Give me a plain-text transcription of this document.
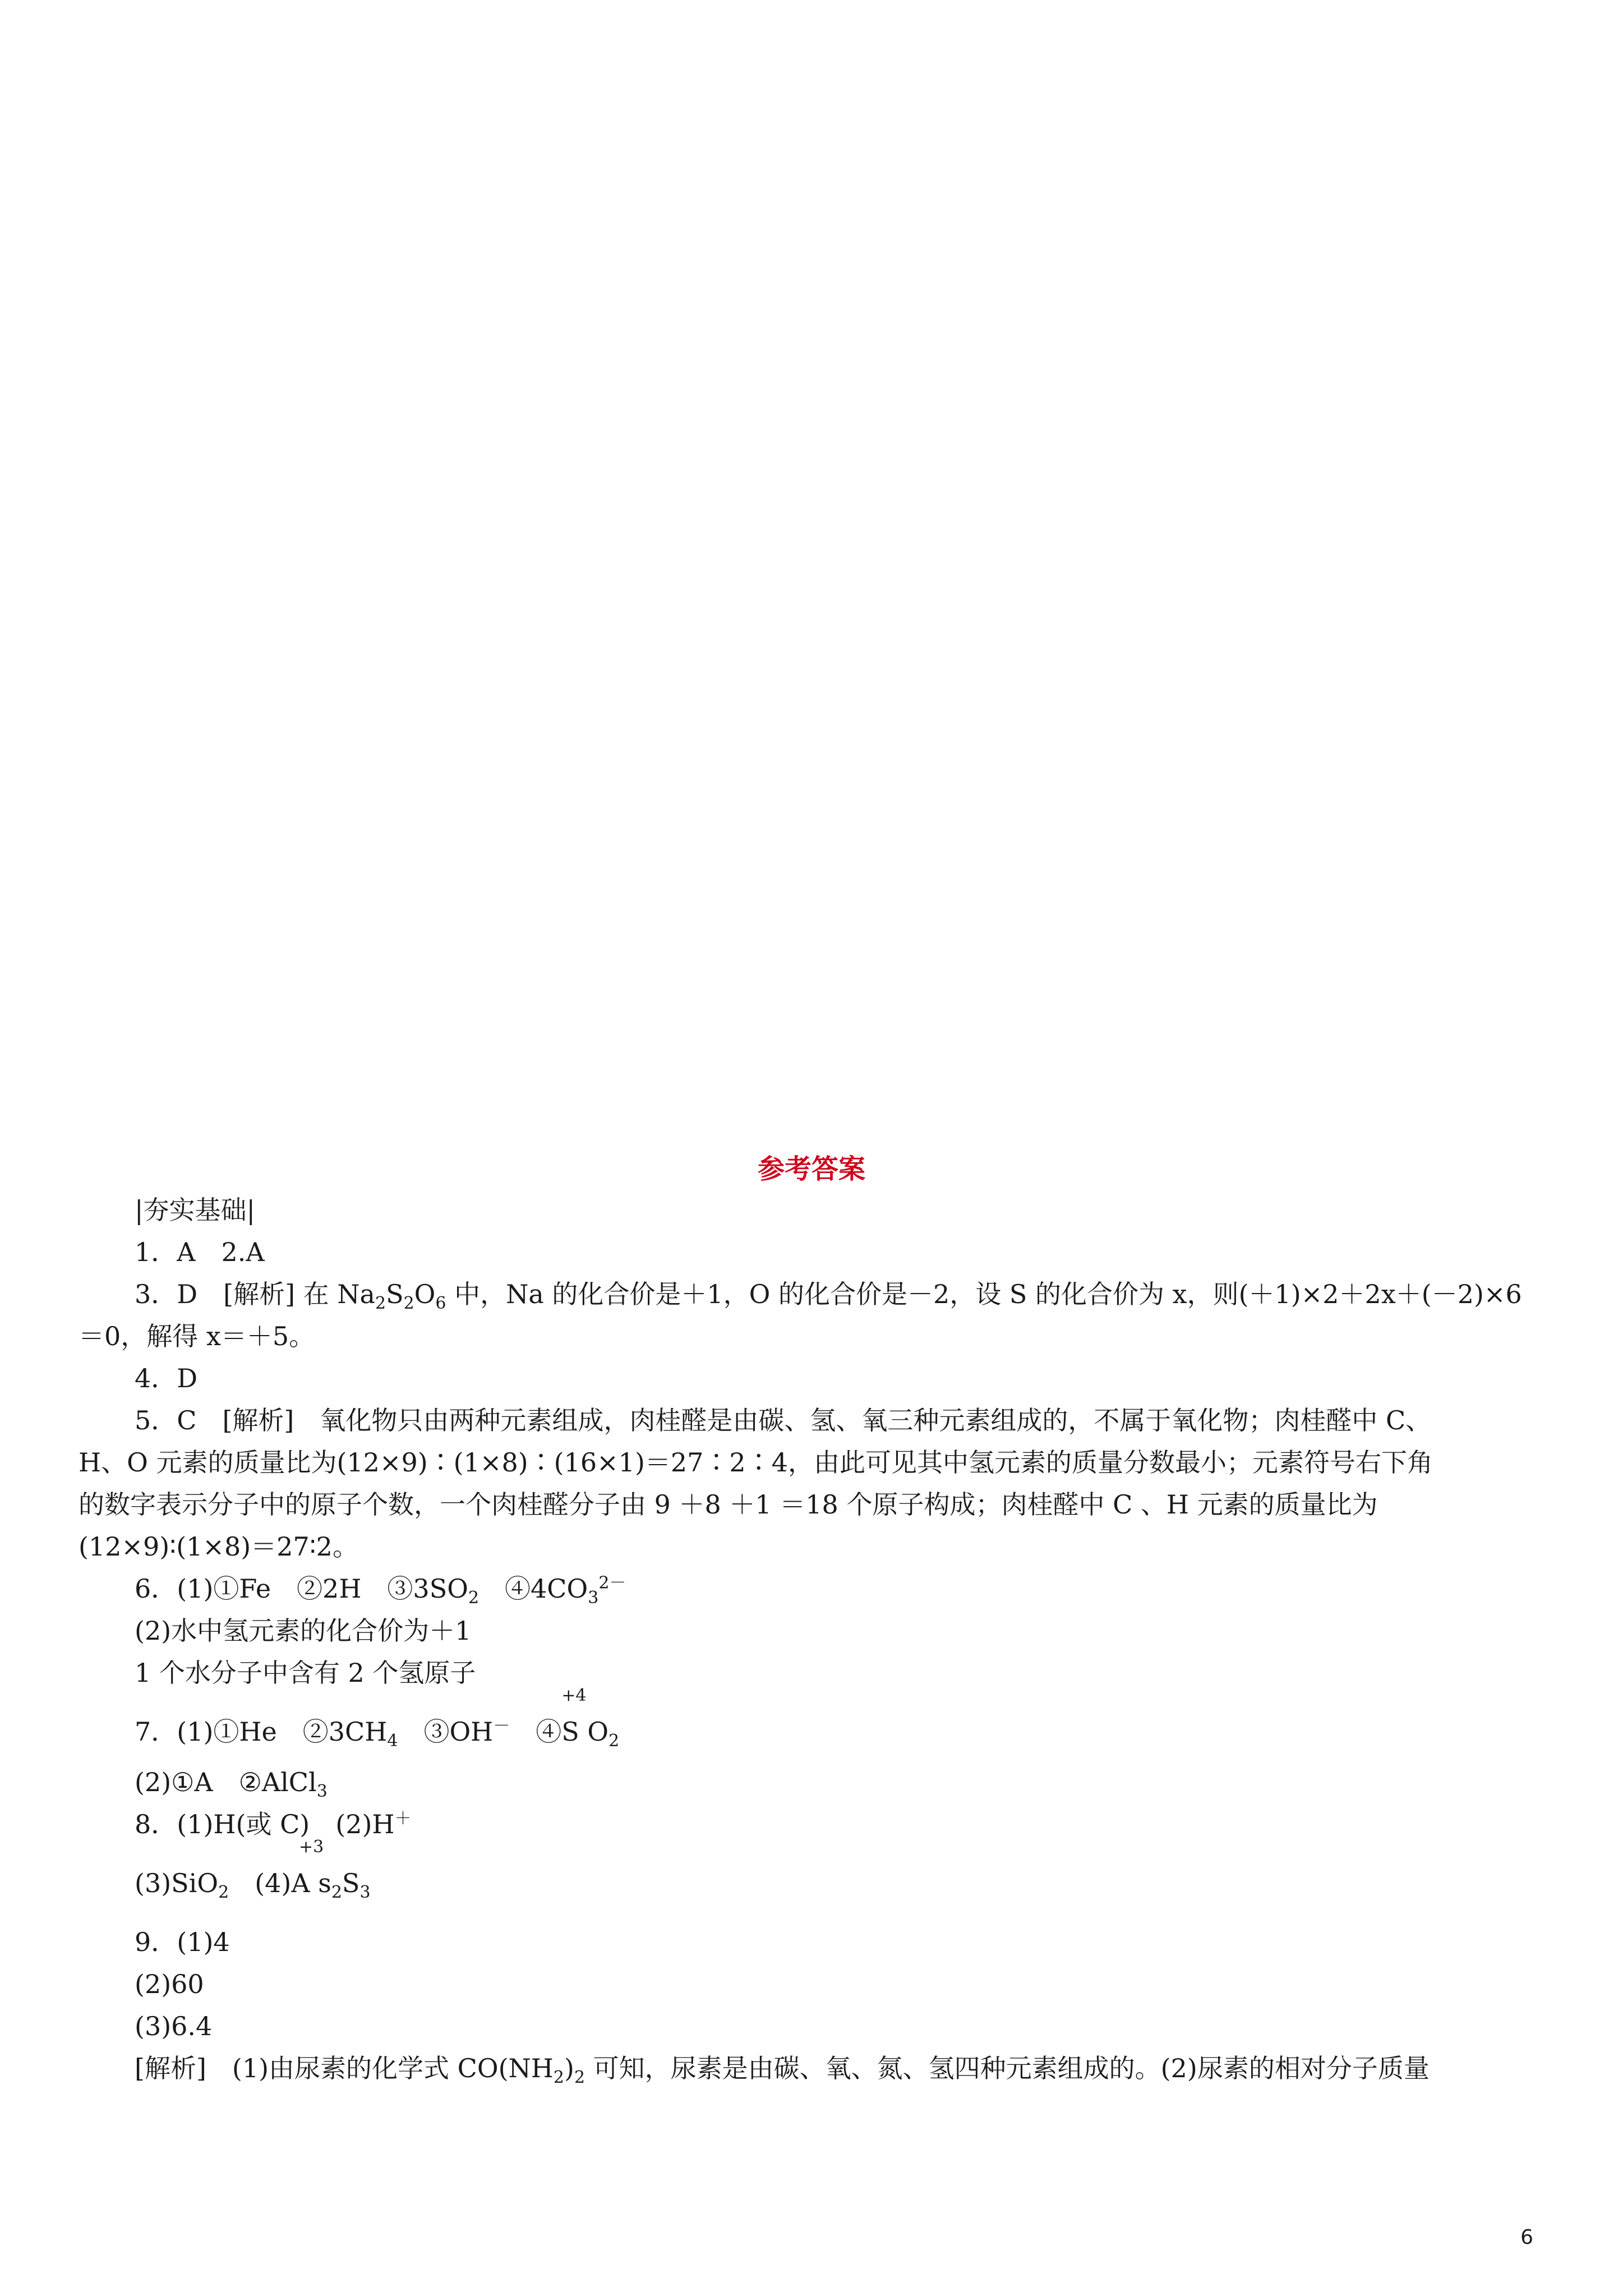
参考答案
|夯实基础|
1．A　2.A
3．D　[解析] 在 $Na_2S_2O_6$ 中，Na 的化合价是＋1，O 的化合价是－2，设 S 的化合价为 x，则(＋1)×2＋2x＋(－2)×6
＝0，解得 x＝＋5。
4．D
5．C　[解析]　氧化物只由两种元素组成，肉桂醛是由碳、氢、氧三种元素组成的，不属于氧化物；肉桂醛中 C、
H、O 元素的质量比为(12×9)∶(1×8)∶(16×1)＝27∶2∶4，由此可见其中氢元素的质量分数最小；元素符号右下角
的数字表示分子中的原子个数，一个肉桂醛分子由 9 ＋8 ＋1 ＝18 个原子构成；肉桂醛中 C 、H 元素的质量比为
(12×9)∶(1×8)＝27∶2。
6．(1)①Fe　②2H　$③3SO_2$　$④4CO_3^{2-}$
(2)水中氢元素的化合价为＋1
1 个水分子中含有 2 个氢原子
7．(1)①He　$②3CH_4$　③OH－　④
+4
S $O_2$
(2)①A　②AlCl$_3$
8．(1)H(或 C)　(2)H＋
(3)SiO$_2$　(4)
+3
A $s_2S_3$
9．(1)4
(2)60
(3)6.4
[解析]　(1)由尿素的化学式 $CO(NH_2)_2$ 可知，尿素是由碳、氧、氮、氢四种元素组成的。(2)尿素的相对分子质量
6
